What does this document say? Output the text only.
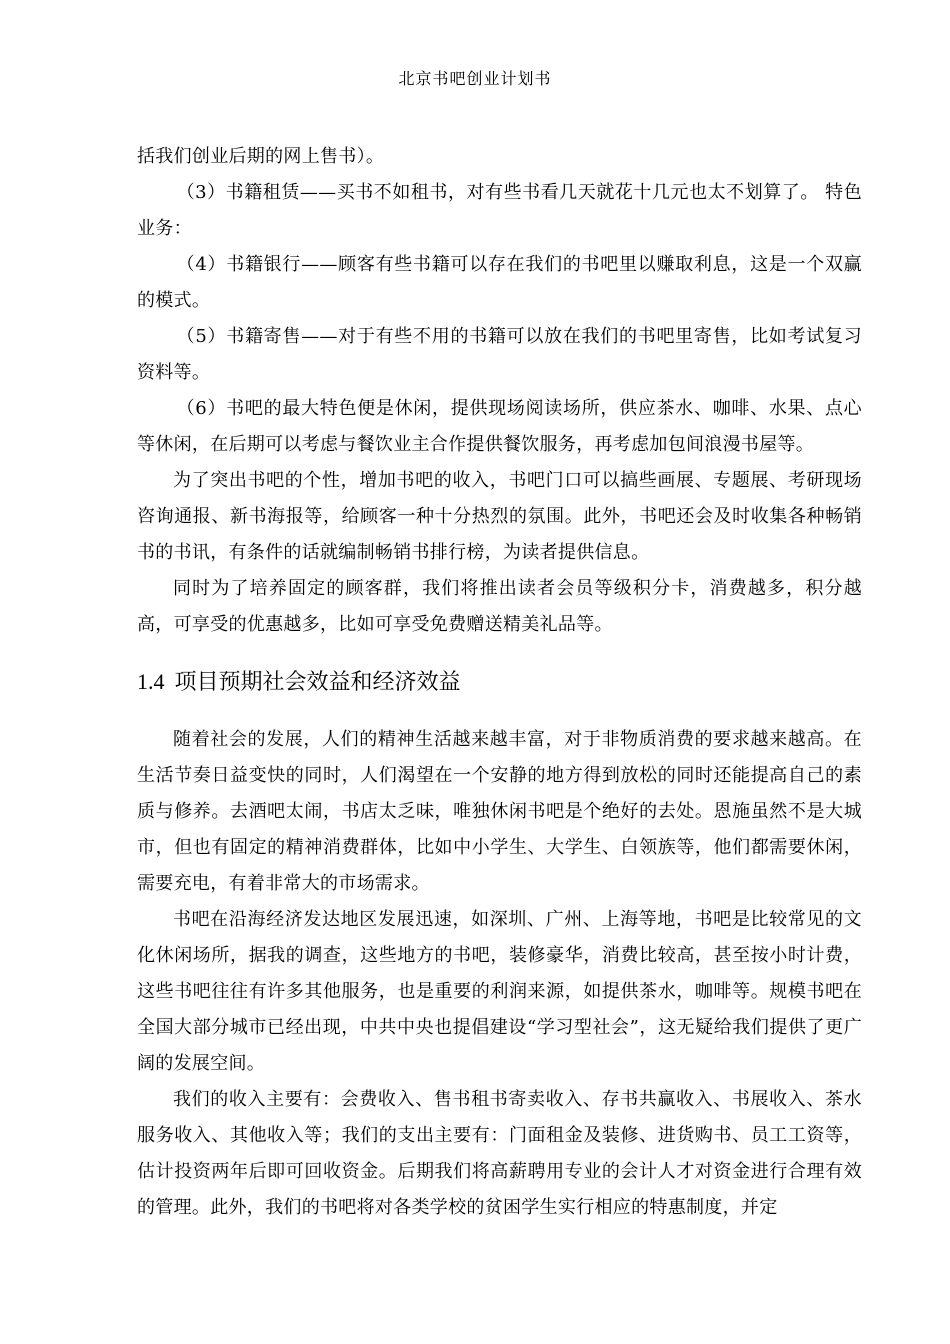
北京书吧创业计划书

括我们创业后期的网上售书）。

（3）书籍租赁——买书不如租书，对有些书看几天就花十几元也太不划算了。 特色业务：

（4）书籍银行——顾客有些书籍可以存在我们的书吧里以赚取利息，这是一个双赢的模式。

（5）书籍寄售——对于有些不用的书籍可以放在我们的书吧里寄售，比如考试复习资料等。

（6）书吧的最大特色便是休闲，提供现场阅读场所，供应茶水、咖啡、水果、点心等休闲，在后期可以考虑与餐饮业主合作提供餐饮服务，再考虑加包间浪漫书屋等。

为了突出书吧的个性，增加书吧的收入，书吧门口可以搞些画展、专题展、考研现场咨询通报、新书海报等，给顾客一种十分热烈的氛围。此外，书吧还会及时收集各种畅销书的书讯，有条件的话就编制畅销书排行榜，为读者提供信息。

同时为了培养固定的顾客群，我们将推出读者会员等级积分卡，消费越多，积分越高，可享受的优惠越多，比如可享受免费赠送精美礼品等。

1.4 项目预期社会效益和经济效益

随着社会的发展，人们的精神生活越来越丰富，对于非物质消费的要求越来越高。在生活节奏日益变快的同时，人们渴望在一个安静的地方得到放松的同时还能提高自己的素质与修养。去酒吧太闹，书店太乏味，唯独休闲书吧是个绝好的去处。恩施虽然不是大城市，但也有固定的精神消费群体，比如中小学生、大学生、白领族等，他们都需要休闲，需要充电，有着非常大的市场需求。

书吧在沿海经济发达地区发展迅速，如深圳、广州、上海等地，书吧是比较常见的文化休闲场所，据我的调查，这些地方的书吧，装修豪华，消费比较高，甚至按小时计费，这些书吧往往有许多其他服务，也是重要的利润来源，如提供茶水，咖啡等。规模书吧在全国大部分城市已经出现，中共中央也提倡建设“学习型社会”，这无疑给我们提供了更广阔的发展空间。

我们的收入主要有：会费收入、售书租书寄卖收入、存书共赢收入、书展收入、茶水服务收入、其他收入等；我们的支出主要有：门面租金及装修、进货购书、员工工资等，估计投资两年后即可回收资金。后期我们将高薪聘用专业的会计人才对资金进行合理有效的管理。此外，我们的书吧将对各类学校的贫困学生实行相应的特惠制度，并定
